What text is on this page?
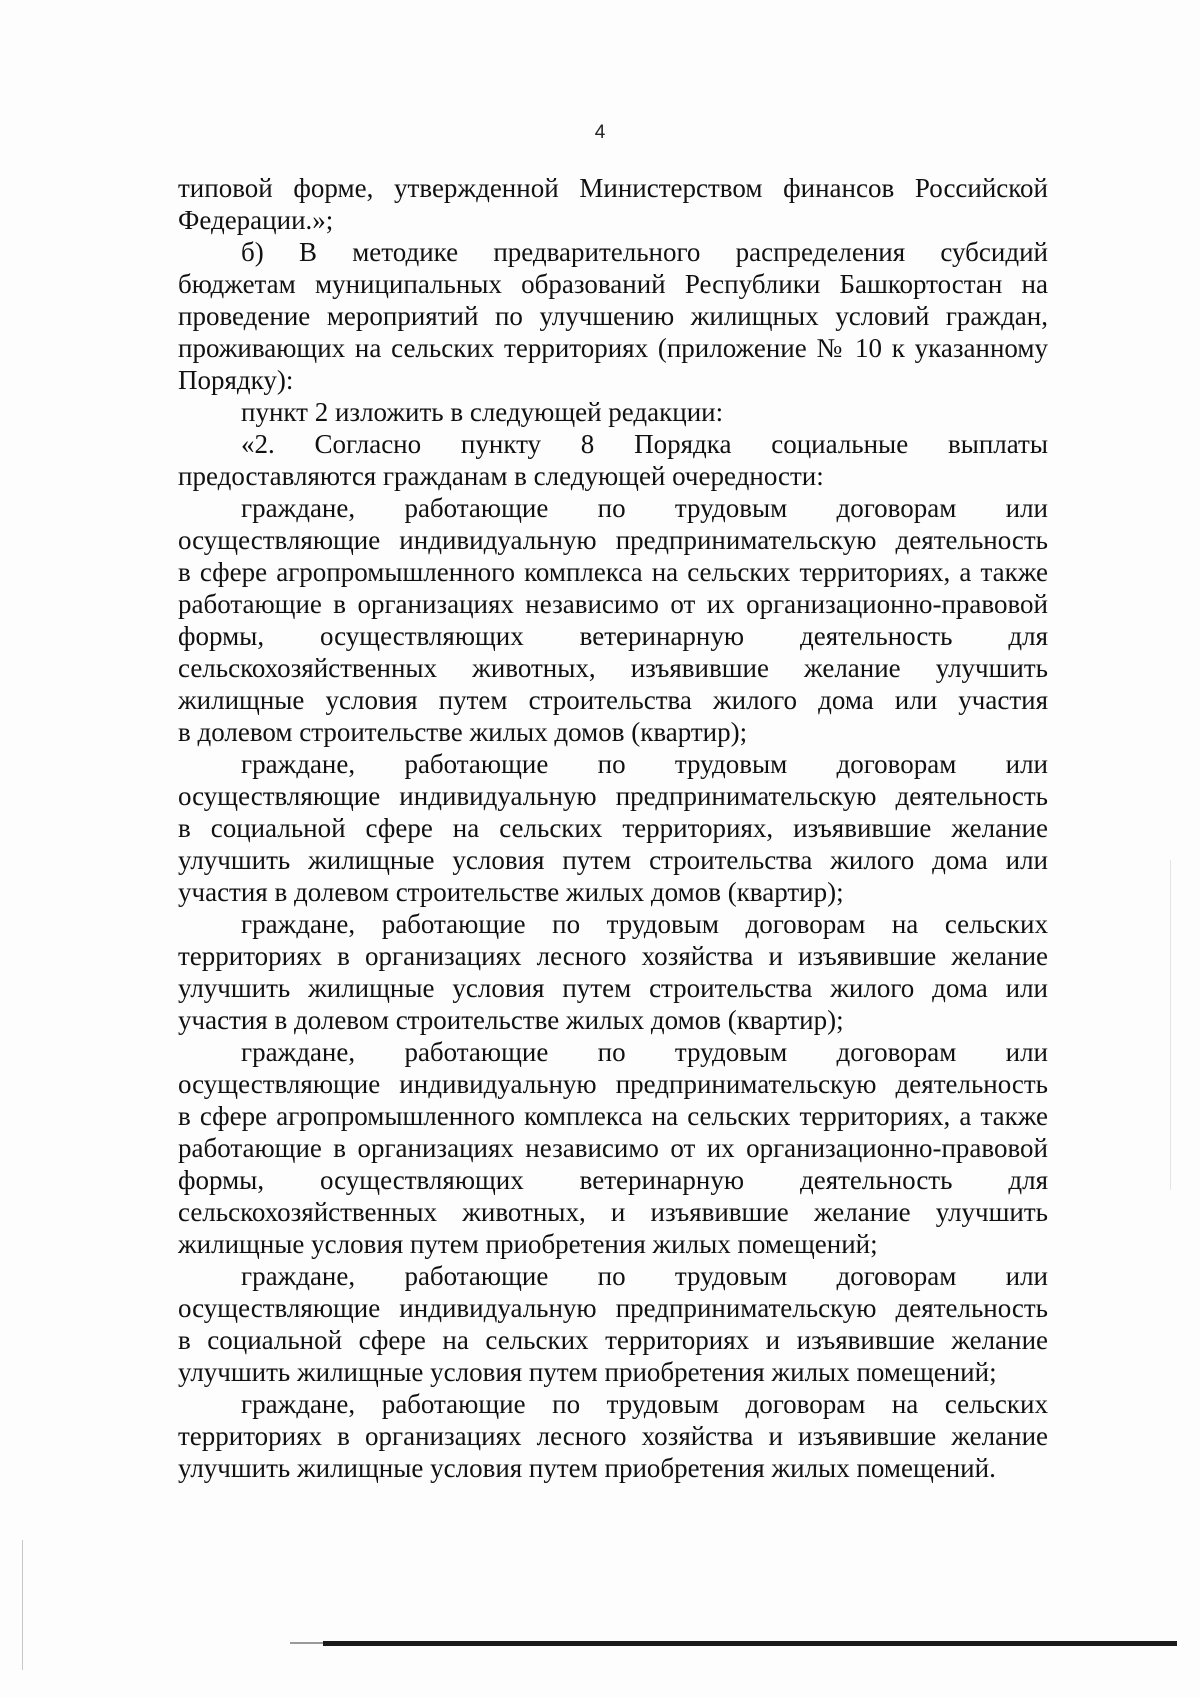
4
типовой форме, утвержденной Министерством финансов Российской
Федерации.»;
б) В методике предварительного распределения субсидий
бюджетам муниципальных образований Республики Башкортостан на
проведение мероприятий по улучшению жилищных условий граждан,
проживающих на сельских территориях (приложение № 10 к указанному
Порядку):
пункт 2 изложить в следующей редакции:
«2. Согласно пункту 8 Порядка социальные выплаты
предоставляются гражданам в следующей очередности:
граждане, работающие по трудовым договорам или
осуществляющие индивидуальную предпринимательскую деятельность
в сфере агропромышленного комплекса на сельских территориях, а также
работающие в организациях независимо от их организационно-правовой
формы, осуществляющих ветеринарную деятельность для
сельскохозяйственных животных, изъявившие желание улучшить
жилищные условия путем строительства жилого дома или участия
в долевом строительстве жилых домов (квартир);
граждане, работающие по трудовым договорам или
осуществляющие индивидуальную предпринимательскую деятельность
в социальной сфере на сельских территориях, изъявившие желание
улучшить жилищные условия путем строительства жилого дома или
участия в долевом строительстве жилых домов (квартир);
граждане, работающие по трудовым договорам на сельских
территориях в организациях лесного хозяйства и изъявившие желание
улучшить жилищные условия путем строительства жилого дома или
участия в долевом строительстве жилых домов (квартир);
граждане, работающие по трудовым договорам или
осуществляющие индивидуальную предпринимательскую деятельность
в сфере агропромышленного комплекса на сельских территориях, а также
работающие в организациях независимо от их организационно-правовой
формы, осуществляющих ветеринарную деятельность для
сельскохозяйственных животных, и изъявившие желание улучшить
жилищные условия путем приобретения жилых помещений;
граждане, работающие по трудовым договорам или
осуществляющие индивидуальную предпринимательскую деятельность
в социальной сфере на сельских территориях и изъявившие желание
улучшить жилищные условия путем приобретения жилых помещений;
граждане, работающие по трудовым договорам на сельских
территориях в организациях лесного хозяйства и изъявившие желание
улучшить жилищные условия путем приобретения жилых помещений.
